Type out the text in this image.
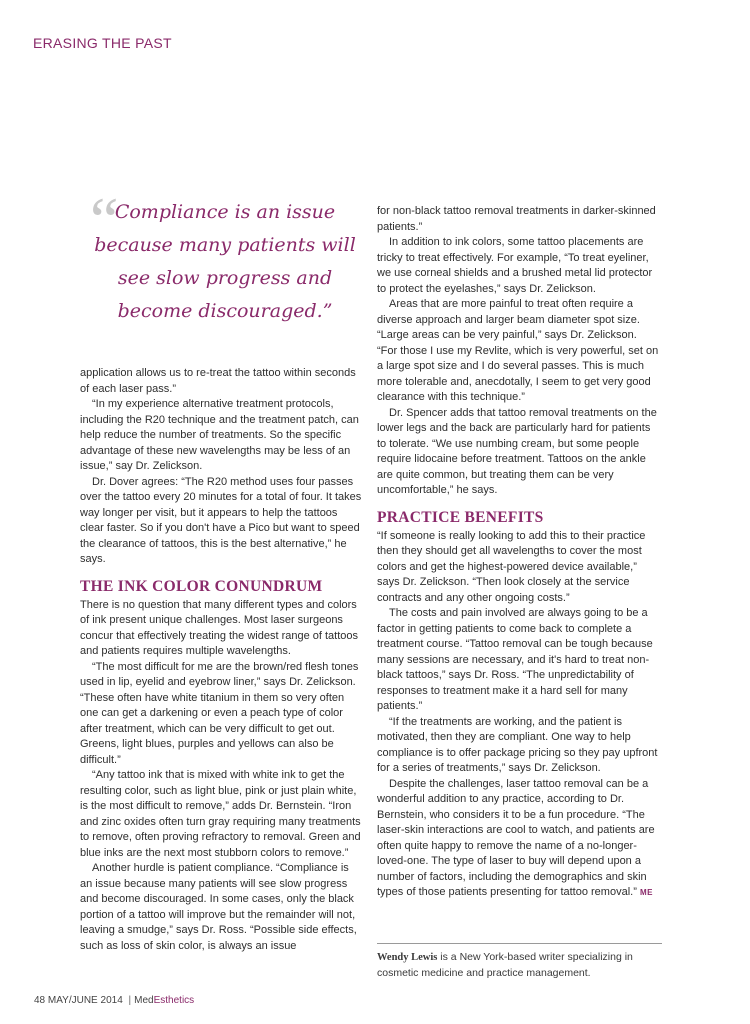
ERASING THE PAST
“

Compliance is an issue because many patients will see slow progress and become discouraged.”

application allows us to re-treat the tattoo within seconds of each laser pass.”

“In my experience alternative treatment protocols, including the R20 technique and the treatment patch, can help reduce the number of treatments. So the specific advantage of these new wavelengths may be less of an issue,” say Dr. Zelickson.

Dr. Dover agrees: “The R20 method uses four passes over the tattoo every 20 minutes for a total of four. It takes way longer per visit, but it appears to help the tattoos clear faster. So if you don't have a Pico but want to speed the clearance of tattoos, this is the best alternative,” he says.

THE INK COLOR CONUNDRUM

There is no question that many different types and colors of ink present unique challenges. Most laser surgeons concur that effectively treating the widest range of tattoos and patients requires multiple wavelengths.

“The most difficult for me are the brown/red flesh tones used in lip, eyelid and eyebrow liner,” says Dr. Zelickson. “These often have white titanium in them so very often one can get a darkening or even a peach type of color after treatment, which can be very difficult to get out. Greens, light blues, purples and yellows can also be difficult.”

“Any tattoo ink that is mixed with white ink to get the resulting color, such as light blue, pink or just plain white, is the most difficult to remove,” adds Dr. Bernstein. “Iron and zinc oxides often turn gray requiring many treatments to remove, often proving refractory to removal. Green and blue inks are the next most stubborn colors to remove.”

Another hurdle is patient compliance. “Compliance is an issue because many patients will see slow progress and become discouraged. In some cases, only the black portion of a tattoo will improve but the remainder will not, leaving a smudge,” says Dr. Ross. “Possible side effects, such as loss of skin color, is always an issue

for non-black tattoo removal treatments in darker-skinned patients.”

In addition to ink colors, some tattoo placements are tricky to treat effectively. For example, “To treat eyeliner, we use corneal shields and a brushed metal lid protector to protect the eyelashes,” says Dr. Zelickson.

Areas that are more painful to treat often require a diverse approach and larger beam diameter spot size. “Large areas can be very painful,” says Dr. Zelickson. “For those I use my Revlite, which is very powerful, set on a large spot size and I do several passes. This is much more tolerable and, anecdotally, I seem to get very good clearance with this technique.”

Dr. Spencer adds that tattoo removal treatments on the lower legs and the back are particularly hard for patients to tolerate. “We use numbing cream, but some people require lidocaine before treatment. Tattoos on the ankle are quite common, but treating them can be very uncomfortable,” he says.

PRACTICE BENEFITS

“If someone is really looking to add this to their practice then they should get all wavelengths to cover the most colors and get the highest-powered device available,” says Dr. Zelickson. “Then look closely at the service contracts and any other ongoing costs.”

The costs and pain involved are always going to be a factor in getting patients to come back to complete a treatment course. “Tattoo removal can be tough because many sessions are necessary, and it's hard to treat non-black tattoos,” says Dr. Ross. “The unpredictability of responses to treatment make it a hard sell for many patients.”

“If the treatments are working, and the patient is motivated, then they are compliant. One way to help compliance is to offer package pricing so they pay upfront for a series of treatments,” says Dr. Zelickson.

Despite the challenges, laser tattoo removal can be a wonderful addition to any practice, according to Dr. Bernstein, who considers it to be a fun procedure. “The laser-skin interactions are cool to watch, and patients are often quite happy to remove the name of a no-longer-loved-one. The type of laser to buy will depend upon a number of factors, including the demographics and skin types of those patients presenting for tattoo removal.” ME

Wendy Lewis is a New York-based writer specializing in cosmetic medicine and practice management.
48 MAY/JUNE 2014 | MedEsthetics
